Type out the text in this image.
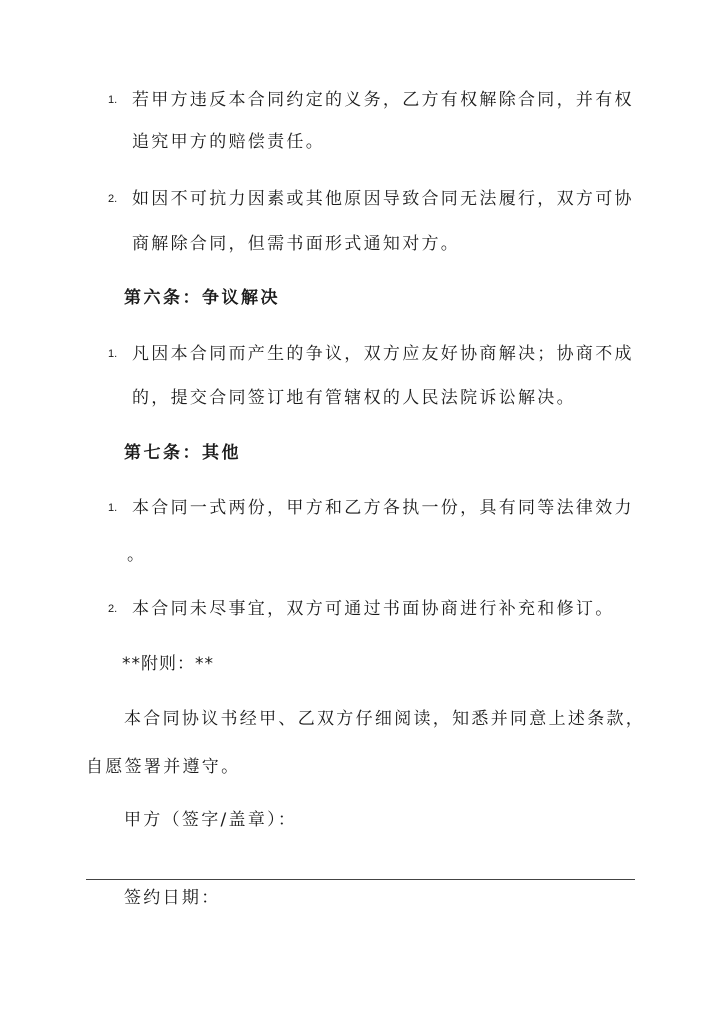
1. 若甲方违反本合同约定的义务，乙方有权解除合同，并有权
追究甲方的赔偿责任。
2. 如因不可抗力因素或其他原因导致合同无法履行，双方可协
商解除合同，但需书面形式通知对方。
第六条：争议解决
1. 凡因本合同而产生的争议，双方应友好协商解决；协商不成
的，提交合同签订地有管辖权的人民法院诉讼解决。
第七条：其他
1. 本合同一式两份，甲方和乙方各执一份，具有同等法律效力
。
2. 本合同未尽事宜，双方可通过书面协商进行补充和修订。
**附则：**
本合同协议书经甲、乙双方仔细阅读，知悉并同意上述条款，
自愿签署并遵守。
甲方（签字/盖章）：
签约日期：
